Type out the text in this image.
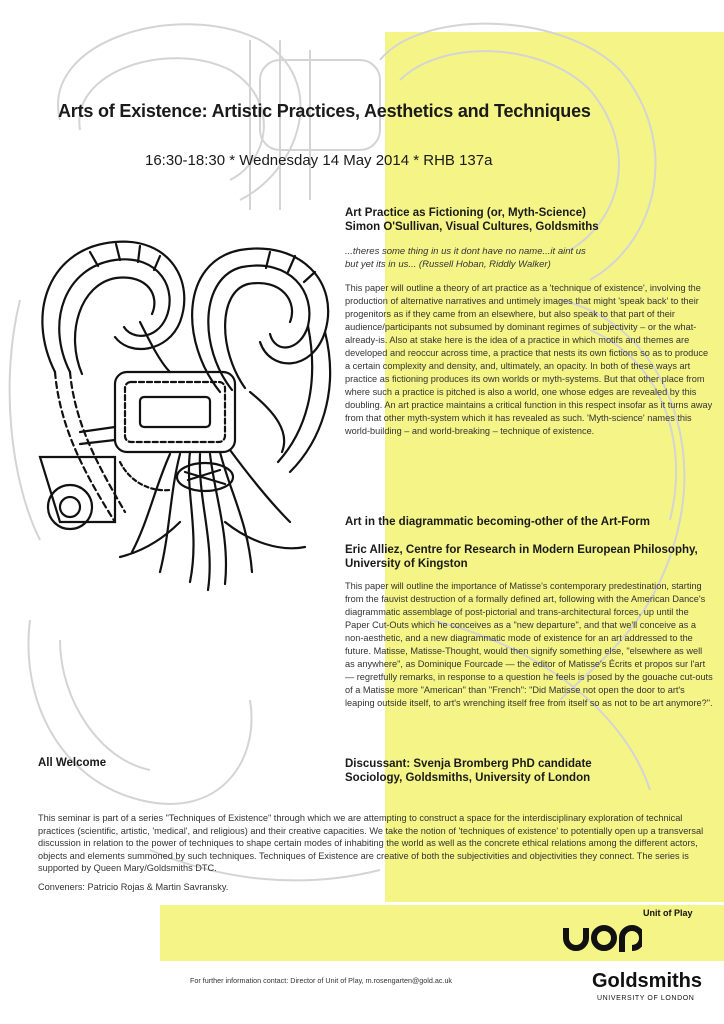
Arts of Existence: Artistic Practices, Aesthetics and Techniques

16:30-18:30 * Wednesday 14 May 2014 * RHB 137a

Art Practice as Fictioning (or, Myth-Science)

Simon O'Sullivan, Visual Cultures, Goldsmiths

...theres some thing in us it dont have no name...it aint us

but yet its in us... (Russell Hoban, Riddly Walker)

This paper will outline a theory of art practice as a 'technique of existence', involving the production of alternative narratives and untimely images that might 'speak back' to their progenitors as if they came from an elsewhere, but also speak to that part of their audience/participants not subsumed by dominant regimes of subjectivity – or the what-already-is. Also at stake here is the idea of a practice in which motifs and themes are developed and reoccur across time, a practice that nests its own fictions so as to produce a certain complexity and density, and, ultimately, an opacity. In both of these ways art practice as fictioning produces its own worlds or myth-systems. But that other place from where such a practice is pitched is also a world, one whose edges are revealed by this doubling. An art practice maintains a critical function in this respect insofar as it turns away from that other myth-system which it has revealed as such. 'Myth-science' names this world-building – and world-breaking – technique of existence.

Art in the diagrammatic becoming-other of the Art-Form

Eric Alliez, Centre for Research in Modern European Philosophy, University of Kingston

This paper will outline the importance of Matisse's contemporary predestination, starting from the fauvist destruction of a formally defined art, following with the American Dance's diagrammatic assemblage of post-pictorial and trans-architectural forces, up until the Paper Cut-Outs which he conceives as a "new departure", and that we'll conceive as a non-aesthetic, and a new diagrammatic mode of existence for an art addressed to the future. Matisse, Matisse-Thought, would then signify something else, "elsewhere as well as anywhere", as Dominique Fourcade — the editor of Matisse's Écrits et propos sur l'art — regretfully remarks, in response to a question he feels is posed by the gouache cut-outs of a Matisse more "American" than "French": "Did Matisse not open the door to art's leaping outside itself, to art's wrenching itself free from itself so as not to be art anymore?".

Discussant: Svenja Bromberg PhD candidate

Sociology, Goldsmiths, University of London

All Welcome

This seminar is part of a series "Techniques of Existence" through which we are attempting to construct a space for the interdisciplinary exploration of technical practices (scientific, artistic, 'medical', and religious) and their creative capacities. We take the notion of 'techniques of existence' to potentially open up a transversal discussion in relation to the power of techniques to shape certain modes of inhabiting the world as well as the concrete ethical relations among the different actors, objects and elements summoned by such techniques. Techniques of Existence are creative of both the subjectivities and objectivities they connect. The series is supported by Queen Mary/Goldsmiths DTC.

Conveners: Patricio Rojas & Martin Savransky.

For further information contact: Director of Unit of Play, m.rosengarten@gold.ac.uk

Unit of Play

Goldsmiths

UNIVERSITY OF LONDON
